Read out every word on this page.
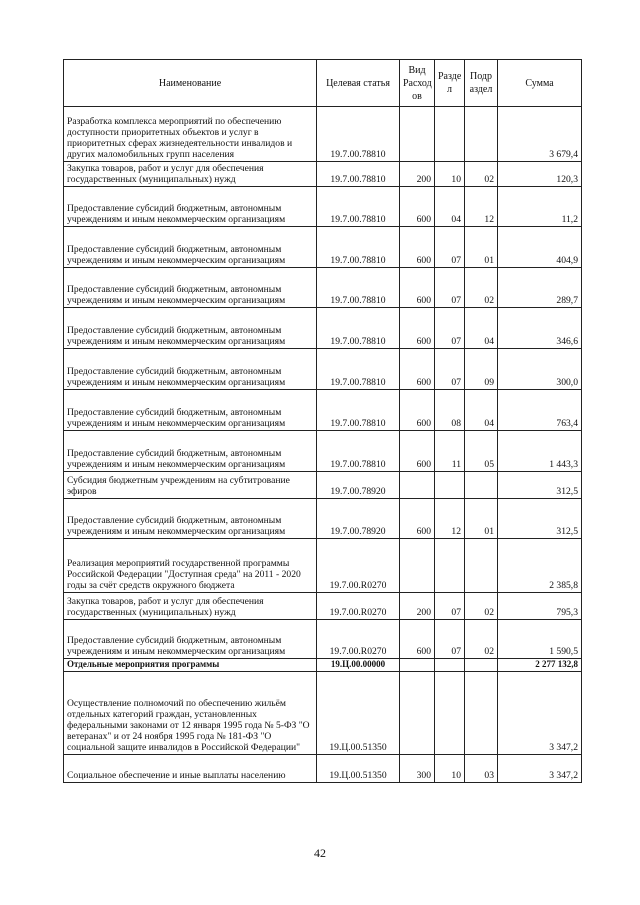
Наименование	Целевая статья	Вид Расход ов	Разде л	Подр аздел	Сумма
Разработка комплекса мероприятий по обеспечению доступности приоритетных объектов и услуг в приоритетных сферах жизнедеятельности инвалидов и других маломобильных групп населения	19.7.00.78810				3 679,4
Закупка товаров, работ и услуг для обеспечения государственных (муниципальных) нужд	19.7.00.78810	200	10	02	120,3
Предоставление субсидий бюджетным, автономным учреждениям и иным некоммерческим организациям	19.7.00.78810	600	04	12	11,2
Предоставление субсидий бюджетным, автономным учреждениям и иным некоммерческим организациям	19.7.00.78810	600	07	01	404,9
Предоставление субсидий бюджетным, автономным учреждениям и иным некоммерческим организациям	19.7.00.78810	600	07	02	289,7
Предоставление субсидий бюджетным, автономным учреждениям и иным некоммерческим организациям	19.7.00.78810	600	07	04	346,6
Предоставление субсидий бюджетным, автономным учреждениям и иным некоммерческим организациям	19.7.00.78810	600	07	09	300,0
Предоставление субсидий бюджетным, автономным учреждениям и иным некоммерческим организациям	19.7.00.78810	600	08	04	763,4
Предоставление субсидий бюджетным, автономным учреждениям и иным некоммерческим организациям	19.7.00.78810	600	11	05	1 443,3
Субсидия бюджетным учреждениям на субтитрование эфиров	19.7.00.78920				312,5
Предоставление субсидий бюджетным, автономным учреждениям и иным некоммерческим организациям	19.7.00.78920	600	12	01	312,5
Реализация мероприятий государственной программы Российской Федерации "Доступная среда" на 2011 - 2020 годы за счёт средств окружного бюджета	19.7.00.R0270				2 385,8
Закупка товаров, работ и услуг для обеспечения государственных (муниципальных) нужд	19.7.00.R0270	200	07	02	795,3
Предоставление субсидий бюджетным, автономным учреждениям и иным некоммерческим организациям	19.7.00.R0270	600	07	02	1 590,5
Отдельные мероприятия программы	19.Ц.00.00000				2 277 132,8
Осуществление полномочий по обеспечению жильём отдельных категорий граждан, установленных федеральными законами от 12 января 1995 года № 5-ФЗ "О ветеранах" и от 24 ноября 1995 года № 181-ФЗ "О социальной защите инвалидов в Российской Федерации"	19.Ц.00.51350				3 347,2
Социальное обеспечение и иные выплаты населению	19.Ц.00.51350	300	10	03	3 347,2
42
